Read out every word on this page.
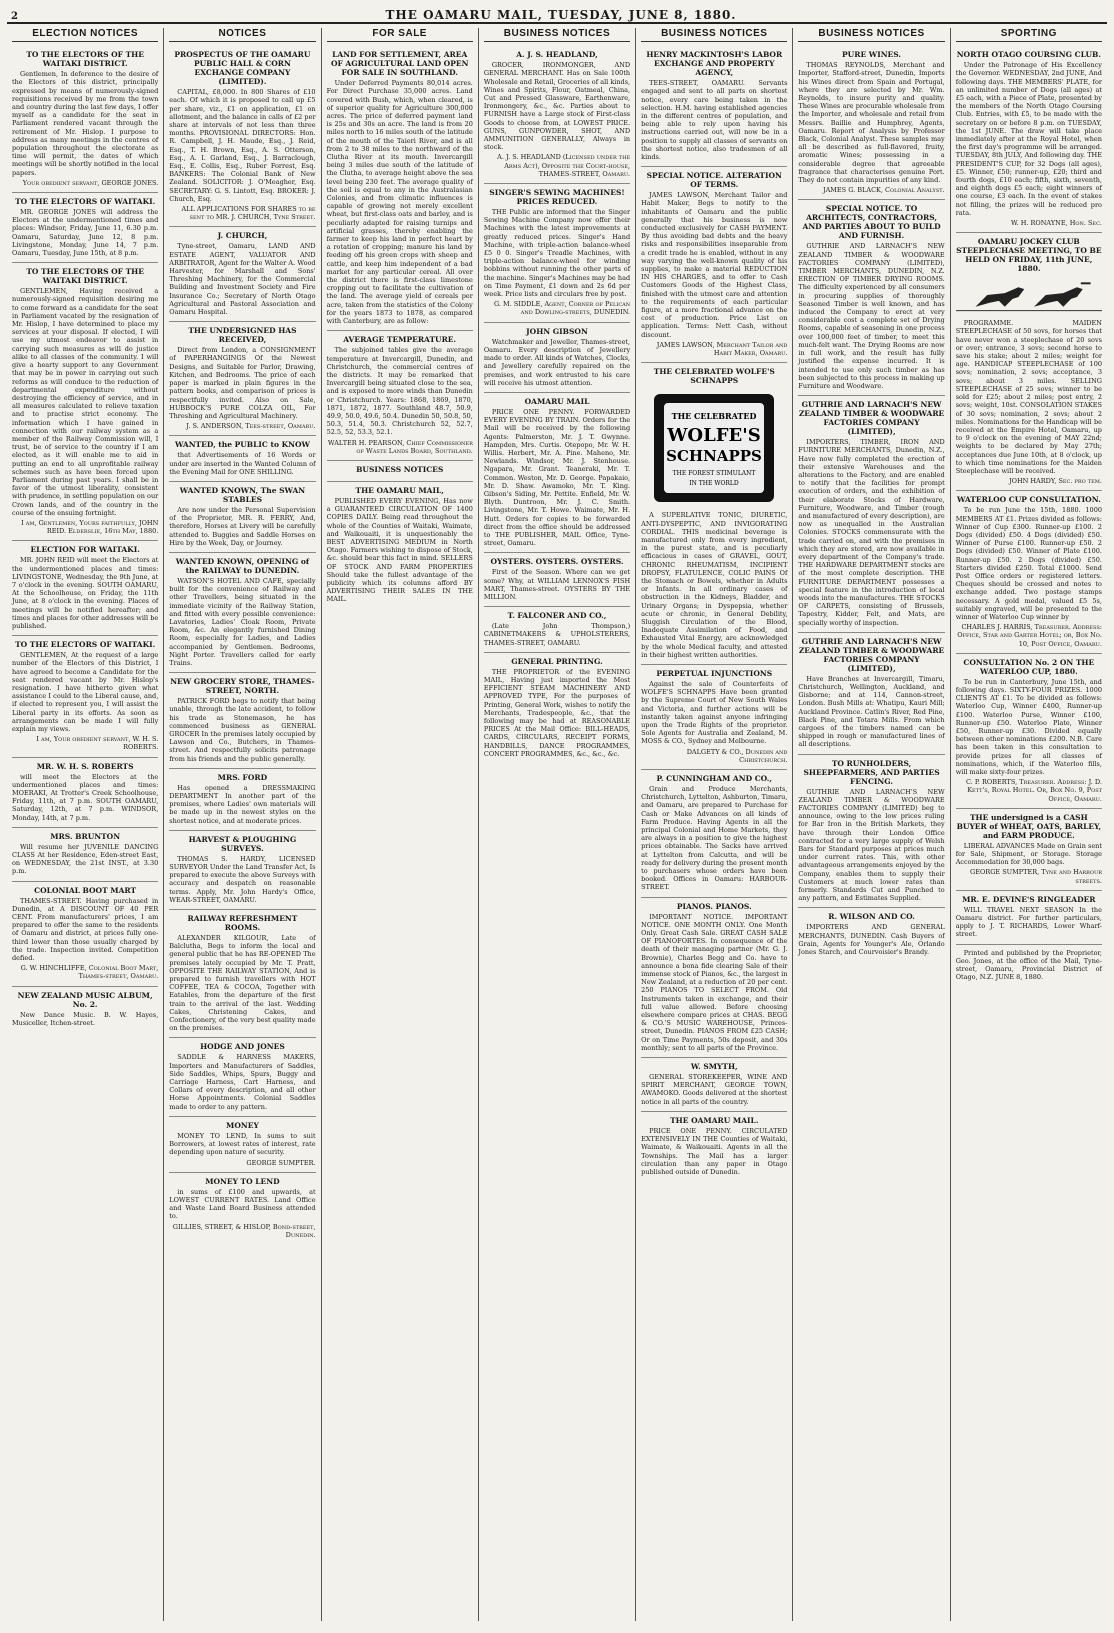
2	THE OAMARU MAIL, TUESDAY, JUNE 8, 1880.
ELECTION NOTICES
TO THE ELECTORS OF THE WAITAKI DISTRICT.
Gentlemen, In deference to the desire of the Electors of this district, principally expressed by means of numerously-signed requisitions received by me from the town and country during the last few days, I offer myself as a candidate for the seat in Parliament rendered vacant through the retirement of Mr. Hislop. I purpose to address as many meetings in the centres of population throughout the electorate as time will permit, the dates of which meetings will be shortly notified in the local papers.
Your obedient servant, GEORGE JONES.
TO THE ELECTORS OF WAITAKI.
MR. GEORGE JONES will address the Electors at the undermentioned times and places: Windsor, Friday, June 11, 6.30 p.m. Oamaru, Saturday, June 12, 8 p.m. Livingstone, Monday, June 14, 7 p.m. Oamaru, Tuesday, June 15th, at 8 p.m.
TO THE ELECTORS OF THE WAITAKI DISTRICT.
GENTLEMEN, Having received a numerously-signed requisition desiring me to come forward as a candidate for the seat in Parliament vacated by the resignation of Mr. Hislop, I have determined to place my services at your disposal. If elected, I will use my utmost endeavor to assist in carrying such measures as will do justice alike to all classes of the community. I will give a hearty support to any Government that may be in power in carrying out such reforms as will conduce to the reduction of departmental expenditure without destroying the efficiency of service, and in all measures calculated to relieve taxation and to practise strict economy. The information which I have gained in connection with our railway system as a member of the Railway Commission will, I trust, be of service to the country if I am elected, as it will enable me to aid in putting an end to all unprofitable railway schemes such as have been forced upon Parliament during past years. I shall be in favor of the utmost liberality, consistent with prudence, in settling population on our Crown lands, and of the country in the course of the ensuing fortnight.
I am, Gentlemen, Yours faithfully, JOHN REID. Elderslie, 16th May, 1880.
ELECTION FOR WAITAKI.
MR. JOHN REID will meet the Electors at the undermentioned places and times: LIVINGSTONE, Wednesday, the 9th June, at 7 o'clock in the evening. SOUTH OAMARU, At the Schoolhouse, on Friday, the 11th June, at 8 o'clock in the evening. Places of meetings will be notified hereafter; and times and places for other addresses will be published.
TO THE ELECTORS OF WAITAKI.
GENTLEMEN, At the request of a large number of the Electors of this District, I have agreed to become a Candidate for the seat rendered vacant by Mr. Hislop's resignation. I have hitherto given what assistance I could to the Liberal cause, and, if elected to represent you, I will assist the Liberal party in its efforts. As soon as arrangements can be made I will fully explain my views.
I am, Your obedient servant, W. H. S. ROBERTS.
MR. W. H. S. ROBERTS
will meet the Electors at the undermentioned places and times: MOERAKI, At Trotter's Creek Schoolhouse, Friday, 11th, at 7 p.m. SOUTH OAMARU, Saturday, 12th, at 7 p.m. WINDSOR, Monday, 14th, at 7 p.m.
MRS. BRUNTON
Will resume her JUVENILE DANCING CLASS At her Residence, Eden-street East, on WEDNESDAY, the 21st INST., at 3.30 p.m.
COLONIAL BOOT MART
THAMES-STREET. Having purchased in Dunedin, at A DISCOUNT OF 40 PER CENT. From manufacturers' prices, I am prepared to offer the same to the residents of Oamaru and district, at prices fully one-third lower than those usually charged by the trade. Inspection invited. Competition defied.
G. W. HINCHLIFFE, Colonial Boot Mart, Thames-street, Oamaru.
NEW ZEALAND MUSIC ALBUM, No. 2.
New Dance Music. B. W. Hayes, Musiceller, Itchen-street.
NOTICES
PROSPECTUS OF THE OAMARU PUBLIC HALL & CORN EXCHANGE COMPANY (LIMITED).
CAPITAL, £8,000. In 800 Shares of £10 each. Of which it is proposed to call up £5 per share, viz., £1 on application, £1 on allotment, and the balance in calls of £2 per share at intervals of not less than three months. PROVISIONAL DIRECTORS: Hon. R. Campbell, J. H. Maude, Esq., J. Reid, Esq., T. H. Brown, Esq., A. S. Otterson, Esq., A. I. Garland, Esq., J. Barraclough, Esq., E. Collis, Esq., Ruber Forrest, Esq. BANKERS: The Colonial Bank of New Zealand. SOLICITOR: J. O'Meagher, Esq. SECRETARY: G. S. Lintott, Esq. BROKER: J. Church, Esq.
ALL APPLICATIONS FOR SHARES to be sent to MR. J. CHURCH, Tyne Street.
J. CHURCH,
Tyne-street, Oamaru, LAND AND ESTATE AGENT, VALUATOR AND ARBITRATOR, Agent for the Walter A. Wood Harvester, for Marshall and Sons' Threshing Machinery, for the Commercial Building and Investment Society and Fire Insurance Co.; Secretary of North Otago Agricultural and Pastoral Association and Oamaru Hospital.
THE UNDERSIGNED HAS RECEIVED,
Direct from London, a CONSIGNMENT of PAPERHANGINGS Of the Newest Designs, and Suitable for Parlor, Drawing, Kitchen, and Bedrooms. The price of each paper is marked in plain figures in the pattern books, and comparison of prices is respectfully invited. Also on Sale, HUBBOCK'S PURE COLZA OIL, For Threshing and Agricultural Machinery.
J. S. ANDERSON, Tees-street, Oamaru.
WANTED, the PUBLIC to KNOW
that Advertisements of 16 Words or under are inserted in the Wanted Column of the Evening Mail for ONE SHILLING.
WANTED KNOWN, The SWAN STABLES
Are now under the Personal Supervision of the Proprietor, MR. R. FERRY, And, therefore, Horses at Livery will be carefully attended to. Buggies and Saddle Horses on Hire by the Week, Day, or Journey.
WANTED KNOWN, OPENING of the RAILWAY to DUNEDIN.
WATSON'S HOTEL AND CAFE, specially built for the convenience of Railway and other Travellers, being situated in the immediate vicinity of the Railway Station, and fitted with every possible convenience: Lavatories, Ladies' Cloak Room, Private Room, &c. An elegantly furnished Dining Room, especially for Ladies, and Ladies accompanied by Gentlemen. Bedrooms, Night Porter. Travellers called for early Trains.
NEW GROCERY STORE, THAMES-STREET, NORTH.
PATRICK FORD begs to notify that being unable, through the late accident, to follow his trade as Stonemason, he has commenced business as GENERAL GROCER In the premises lately occupied by Lawson and Co., Butchers, in Thames-street. And respectfully solicits patronage from his friends and the public generally.
MRS. FORD
Has opened a DRESSMAKING DEPARTMENT In another part of the premises, where Ladies' own materials will be made up in the newest styles on the shortest notice, and at moderate prices.
HARVEST & PLOUGHING SURVEYS.
THOMAS S. HARDY, LICENSED SURVEYOR Under the Land Transfer Act, Is prepared to execute the above Surveys with accuracy and despatch on reasonable terms. Apply, Mr. John Hardy's Office, WEAR-STREET, OAMARU.
RAILWAY REFRESHMENT ROOMS.
ALEXANDER KILGOUR, Late of Balclutha, Begs to inform the local and general public that he has RE-OPENED The premises lately occupied by Mr. T. Pratt, OPPOSITE THE RAILWAY STATION, And is prepared to furnish travellers with HOT COFFEE, TEA & COCOA, Together with Eatables, from the departure of the first train to the arrival of the last. Wedding Cakes, Christening Cakes, and Confectionery, of the very best quality made on the premises.
HODGE AND JONES
SADDLE & HARNESS MAKERS, Importers and Manufacturers of Saddles, Side Saddles, Whips, Spurs, Buggy and Carriage Harness, Cart Harness, and Collars of every description, and all other Horse Appointments. Colonial Saddles made to order to any pattern.
MONEY
MONEY TO LEND, In sums to suit Borrowers, at lowest rates of interest, rate depending upon nature of security.
GEORGE SUMPTER.
MONEY TO LEND
in sums of £100 and upwards, at LOWEST CURRENT RATES. Land Office and Waste Land Board Business attended to.
GILLIES, STREET, & HISLOP, Bond-street, Dunedin.
FOR SALE
LAND FOR SETTLEMENT, AREA OF AGRICULTURAL LAND OPEN FOR SALE IN SOUTHLAND.
Under Deferred Payments 80,014 acres. For Direct Purchase 35,000 acres. Land covered with Bush, which, when cleared, is of superior quality for Agriculture 300,000 acres. The price of deferred payment land is 25s and 30s an acre. The land is from 20 miles north to 16 miles south of the latitude of the mouth of the Taieri River, and is all from 2 to 38 miles to the northward of the Clutha River at its mouth. Invercargill being 3 miles due south of the latitude of the Clutha, to average height above the sea level being 230 feet. The average quality of the soil is equal to any in the Australasian Colonies, and from climatic influences is capable of growing not merely excellent wheat, but first-class oats and barley, and is peculiarly adapted for raising turnips and artificial grasses, thereby enabling the farmer to keep his land in perfect heart by a rotation of cropping; manure his land by feeding off his green crops with sheep and cattle, and keep him independent of a bad market for any particular cereal. All over the district there is first-class limestone cropping out to facilitate the cultivation of the land. The average yield of cereals per acre, taken from the statistics of the Colony for the years 1873 to 1878, as compared with Canterbury, are as follow:
AVERAGE TEMPERATURE.
The subjoined tables give the average temperature at Invercargill, Dunedin, and Christchurch, the commercial centres of the districts. It may be remarked that Invercargill being situated close to the sea, and is exposed to more winds than Dunedin or Christchurch. Years: 1868, 1869, 1870, 1871, 1872, 1877. Southland 48.7, 50.9, 49.9, 50.0, 49.6, 50.4. Dunedin 50, 50.8, 50, 50.3, 51.4, 50.3. Christchurch 52, 52.7, 52.5, 52, 53.3, 52.1.
WALTER H. PEARSON, Chief Commissioner of Waste Lands Board, Southland.
BUSINESS NOTICES
THE OAMARU MAIL,
PUBLISHED EVERY EVENING, Has now a GUARANTEED CIRCULATION OF 1400 COPIES DAILY. Being read throughout the whole of the Counties of Waitaki, Waimate, and Waikouaiti, it is unquestionably the BEST ADVERTISING MEDIUM in North Otago. Farmers wishing to dispose of Stock, &c. should bear this fact in mind. SELLERS OF STOCK AND FARM PROPERTIES Should take the fullest advantage of the publicity which its columns afford BY ADVERTISING THEIR SALES IN THE MAIL.
BUSINESS NOTICES
A. J. S. HEADLAND,
GROCER, IRONMONGER, AND GENERAL MERCHANT. Has on Sale 100th Wholesale and Retail, Groceries of all kinds, Wines and Spirits, Flour, Oatmeal, China, Cut and Pressed Glassware, Earthenware, Ironmongery, &c., &c. Parties about to FURNISH have a Large stock of First-class Goods to choose from, at LOWEST PRICE. GUNS, GUNPOWDER, SHOT, AND AMMUNITION GENERALLY, Always in stock.
A. J. S. HEADLAND (Licensed under the Arms Act), Opposite the Court-house, THAMES-STREET, Oamaru.
SINGER'S SEWING MACHINES! PRICES REDUCED.
THE Public are informed that the Singer Sewing Machine Company now offer their Machines with the latest improvements at greatly reduced prices. Singer's Hand Machine, with triple-action balance-wheel £5 0 0. Singer's Treadle Machines, with triple-action balance-wheel for winding bobbins without running the other parts of the machine. Singer's Machines may be had on Time Payment, £1 down and 2s 6d per week. Price lists and circulars free by post.
G. M. SIDDLE, Agent, Corner of Pelican and Dowling-streets, DUNEDIN.
JOHN GIBSON
Watchmaker and Jeweller, Thames-street, Oamaru. Every description of Jewellery made to order. All kinds of Watches, Clocks, and Jewellery carefully repaired on the premises, and work entrusted to his care will receive his utmost attention.
OAMARU MAIL
PRICE ONE PENNY. FORWARDED EVERY EVENING BY TRAIN. Orders for the Mail will be received by the following Agents: Palmerston, Mr. J. T. Gwynne. Hampden, Mrs. Curtis. Otepopo, Mr. W. H. Willis. Herbert, Mr. A. Pine. Maheno, Mr. Newlands. Windsor, Mr. J. Stenhouse. Ngapara, Mr. Grant. Teaneraki, Mr. T. Common. Weston, Mr. D. George. Papakaio, Mr. D. Shaw. Awamoko, Mr. T. King. Gibson's Siding, Mr. Pettite. Enfield, Mr. W. Blyth. Duntroon, Mr. J. C. Smith. Livingstone, Mr. T. Howe. Waimate, Mr. H. Hutt. Orders for copies to be forwarded direct from the office should be addressed to THE PUBLISHER, MAIL Office, Tyne-street, Oamaru.
OYSTERS. OYSTERS. OYSTERS.
First of the Season. Where can we get some? Why, at WILLIAM LENNOX'S FISH MART, Thames-street. OYSTERS BY THE MILLION.
T. FALCONER AND CO.,
(Late John Thompson,) CABINETMAKERS & UPHOLSTERERS, THAMES-STREET, OAMARU.
GENERAL PRINTING.
THE PROPRIETOR of the EVENING MAIL, Having just imported the Most EFFICIENT STEAM MACHINERY AND APPROVED TYPE, For the purposes of Printing, General Work, wishes to notify the Merchants, Tradespeople, &c., that the following may be had at REASONABLE PRICES At the Mail Office: BILL-HEADS, CARDS, CIRCULARS, RECEIPT FORMS, HANDBILLS, DANCE PROGRAMMES, CONCERT PROGRAMMES, &c., &c., &c.
BUSINESS NOTICES
HENRY MACKINTOSH'S LABOR EXCHANGE AND PROPERTY AGENCY,
TEES-STREET, OAMARU. Servants engaged and sent to all parts on shortest notice, every care being taken in the selection. H.M. having established agencies in the different centres of population, and being able to rely upon having his instructions carried out, will now be in a position to supply all classes of servants on the shortest notice, also tradesmen of all kinds.
SPECIAL NOTICE. ALTERATION OF TERMS.
JAMES LAWSON, Merchant Tailor and Habit Maker, Begs to notify to the inhabitants of Oamaru and the public generally that his business is now conducted exclusively for CASH PAYMENT. By thus avoiding bad debts and the heavy risks and responsibilities inseparable from a credit trade he is enabled, without in any way varying the well-known quality of his supplies, to make a material REDUCTION IN HIS CHARGES, and to offer to Cash Customers Goods of the Highest Class, finished with the utmost care and attention to the requirements of each particular figure, at a more fractional advance on the cost of production. Price List on application. Terms: Nett Cash, without discount.
JAMES LAWSON, Merchant Tailor and Habit Maker, Oamaru.
THE CELEBRATED WOLFE'S SCHNAPPS
THE CELEBRATED
WOLFE'S
SCHNAPPS
THE FOREST STIMULANT
IN THE WORLD
A SUPERLATIVE TONIC, DIURETIC, ANTI-DYSPEPTIC, AND INVIGORATING CORDIAL. THIS medicinal beverage is manufactured only from every ingredient, in the purest state, and is peculiarly efficacious in cases of GRAVEL, GOUT, CHRONIC RHEUMATISM, INCIPIENT DROPSY, FLATULENCE, COLIC PAINS Of the Stomach or Bowels, whether in Adults or Infants. In all ordinary cases of obstruction in the Kidneys, Bladder, and Urinary Organs; in Dyspepsia, whether acute or chronic, in General Debility, Sluggish Circulation of the Blood, Inadequate Assimilation of Food, and Exhausted Vital Energy, are acknowledged by the whole Medical faculty, and attested in their highest written authorities.
PERPETUAL INJUNCTIONS
Against the sale of Counterfeits of WOLFE'S SCHNAPPS Have been granted by the Supreme Court of New South Wales and Victoria, and further actions will be instantly taken against anyone infringing upon the Trade Rights of the proprietor. Sole Agents for Australia and Zealand, M. MOSS & CO., Sydney and Melbourne.
DALGETY & CO., Dunedin and Christchurch.
P. CUNNINGHAM AND CO.,
Grain and Produce Merchants, Christchurch, Lyttelton, Ashburton, Timaru, and Oamaru, are prepared to Purchase for Cash or Make Advances on all kinds of Farm Produce. Having Agents in all the principal Colonial and Home Markets, they are always in a position to give the highest prices obtainable. The Sacks have arrived at Lyttelton from Calcutta, and will be ready for delivery during the present month to purchasers whose orders have been booked. Offices in Oamaru: HARBOUR-STREET.
PIANOS. PIANOS.
IMPORTANT NOTICE. IMPORTANT NOTICE. ONE MONTH ONLY. One Month Only. Great Cash Sale. GREAT CASH SALE OF PIANOFORTES. In consequence of the death of their managing partner (Mr. G. J. Brownie), Charles Begg and Co. have to announce a bona fide clearing Sale of their immense stock of Pianos, &c., the largest in New Zealand, at a reduction of 20 per cent. 250 PIANOS TO SELECT FROM. Old Instruments taken in exchange, and their full value allowed. Before choosing elsewhere compare prices at CHAS. BEGG & CO.'S MUSIC WAREHOUSE, Princes-street, Dunedin. PIANOS FROM £25 CASH; Or on Time Payments, 50s deposit, and 30s monthly; sent to all parts of the Province.
W. SMYTH,
GENERAL STOREKEEPER, WINE AND SPIRIT MERCHANT, GEORGE TOWN, AWAMOKO. Goods delivered at the shortest notice in all parts of the country.
THE OAMARU MAIL.
PRICE ONE PENNY. CIRCULATED EXTENSIVELY IN THE Counties of Waitaki, Waimate, & Waikouaiti. Agents in all the Townships. The Mail has a larger circulation than any paper in Otago published outside of Dunedin.
BUSINESS NOTICES
PURE WINES.
THOMAS REYNOLDS, Merchant and Importer, Stafford-street, Dunedin, Imports his Wines direct from Spain and Portugal, where they are selected by Mr. Wm. Reynolds, to insure purity and quality. These Wines are procurable wholesale from the Importer, and wholesale and retail from Messrs. Baillie and Humphrey, Agents, Oamaru. Report of Analysis by Professor Black, Colonial Analyst. These samples may all be described as full-flavored, fruity, aromatic Wines; possessing in a considerable degree that agreeable fragrance that characterises genuine Port. They do not contain impurities of any kind.
JAMES G. BLACK, Colonial Analyst.
SPECIAL NOTICE. TO ARCHITECTS, CONTRACTORS, AND PARTIES ABOUT TO BUILD AND FURNISH.
GUTHRIE AND LARNACH'S NEW ZEALAND TIMBER & WOODWARE FACTORIES COMPANY (LIMITED), TIMBER MERCHANTS, DUNEDIN, N.Z. ERECTION OF TIMBER DRYING ROOMS. The difficulty experienced by all consumers in procuring supplies of thoroughly Seasoned Timber is well known, and has induced the Company to erect at very considerable cost a complete set of Drying Rooms, capable of seasoning in one process over 100,000 feet of timber, to meet this much-felt want. The Drying Rooms are now in full work, and the result has fully justified the expense incurred. It is intended to use only such timber as has been subjected to this process in making up Furniture and Woodware.
GUTHRIE AND LARNACH'S NEW ZEALAND TIMBER & WOODWARE FACTORIES COMPANY (LIMITED),
IMPORTERS, TIMBER, IRON AND FURNITURE MERCHANTS, Dunedin, N.Z., Have now fully completed the erection of their extensive Warehouses and the alterations to the Factory, and are enabled to notify that the facilities for prompt execution of orders, and the exhibition of their elaborate Stocks of Hardware, Furniture, Woodware, and Timber (rough and manufactured of every description), are now as unequalled in the Australian Colonies. STOCKS commensurate with the trade carried on, and with the premises in which they are stored, are now available in every department of the Company's trade. THE HARDWARE DEPARTMENT stocks are of the most complete description. THE FURNITURE DEPARTMENT possesses a special feature in the introduction of local woods into the manufactures. THE STOCKS OF CARPETS, consisting of Brussels, Tapestry, Kidder, Felt, and Mats, are specially worthy of inspection.
GUTHRIE AND LARNACH'S NEW ZEALAND TIMBER & WOODWARE FACTORIES COMPANY (LIMITED),
Have Branches at Invercargill, Timaru, Christchurch, Wellington, Auckland, and Gisborne; and at 114, Cannon-street, London. Bush Mills at: Whatipu, Kauri Mill; Auckland Province. Catlin's River, Red Pine, Black Pine, and Totara Mills. From which cargoes of the timbers named can be shipped in rough or manufactured lines of all descriptions.
TO RUNHOLDERS, SHEEPFARMERS, AND PARTIES FENCING.
GUTHRIE AND LARNACH'S NEW ZEALAND TIMBER & WOODWARE FACTORIES COMPANY (LIMITED) beg to announce, owing to the low prices ruling for Bar Iron in the British Markets, they have through their London Office contracted for a very large supply of Welsh Bars for Standard purposes at prices much under current rates. This, with other advantageous arrangements enjoyed by the Company, enables them to supply their Customers at much lower rates than formerly. Standards Cut and Punched to any pattern, and Estimates Supplied.
R. WILSON AND CO.
IMPORTERS AND GENERAL MERCHANTS, DUNEDIN. Cash Buyers of Grain, Agents for Younger's Ale, Orlando Jones Starch, and Courvoisier's Brandy.
SPORTING
NORTH OTAGO COURSING CLUB.
Under the Patronage of His Excellency the Governor. WEDNESDAY, 2nd JUNE, And following days. THE MEMBERS' PLATE, for an unlimited number of Dogs (all ages) at £5 each, with a Piece of Plate, presented by the members of the North Otago Coursing Club. Entries, with £5, to be made with the secretary on or before 8 p.m. on TUESDAY, the 1st JUNE. The draw will take place immediately after at the Royal Hotel, when the first day's programme will be arranged. TUESDAY, 8th JULY, And following day. THE PRESIDENT'S CUP, for 32 Dogs (all ages), £5. Winner, £50; runner-up, £20; third and fourth dogs, £10 each; fifth, sixth, seventh, and eighth dogs £5 each; eight winners of one course, £3 each. In the event of stakes not filling, the prizes will be reduced pro rata.
W. H. RONAYNE, Hon. Sec.
OAMARU JOCKEY CLUB STEEPLECHASE MEETING, TO BE HELD ON FRIDAY, 11th JUNE, 1880.
PROGRAMME. MAIDEN STEEPLECHASE of 50 sovs, for horses that have never won a steeplechase of 20 sovs or over; entrance, 3 sovs; second horse to save his stake; about 2 miles; weight for age. HANDICAP STEEPLECHASE of 100 sovs; nomination, 2 sovs; acceptance, 3 sovs; about 3 miles. SELLING STEEPLECHASE of 25 sovs; winner to be sold for £25; about 2 miles; post entry, 2 sovs; weight, 10st. CONSOLATION STAKES of 30 sovs; nomination, 2 sovs; about 2 miles. Nominations for the Handicap will be received at the Empire Hotel, Oamaru, up to 9 o'clock on the evening of MAY 22nd; weights to be declared by May 27th; acceptances due June 10th, at 8 o'clock, up to which time nominations for the Maiden Steeplechase will be received.
JOHN HARDY, Sec. pro tem.
WATERLOO CUP CONSULTATION.
To be run June the 15th, 1880. 1000 MEMBERS AT £1. Prizes divided as follows: Winner of Cup £300. Runner-up £100. 2 Dogs (divided) £50. 4 Dogs (divided) £50. Winner of Purse £100. Runner-up £50. 2 Dogs (divided) £50. Winner of Plate £100. Runner-up £50. 2 Dogs (divided) £50. Starters divided £250. Total £1000. Send Post Office orders or registered letters. Cheques should be crossed and notes to exchange added. Two postage stamps necessary. A gold medal, valued £5 5s, suitably engraved, will be presented to the winner of Waterloo Cup winner by
CHARLES J. HARRIS, Treasurer. Address: Office, Star and Garter Hotel; or, Box No. 10, Post Office, Oamaru.
CONSULTATION No. 2 ON THE WATERLOO CUP, 1880.
To be run in Canterbury, June 15th, and following days. SIXTY-FOUR PRIZES. 1000 CLIENTS AT £1. To be divided as follows: Waterloo Cup, Winner £400, Runner-up £100. Waterloo Purse, Winner £100, Runner-up £50. Waterloo Plate, Winner £50, Runner-up £30. Divided equally between other nominations £200. N.B. Care has been taken in this consultation to provide prizes for all classes of nominations, which, if the Waterloo fills, will make sixty-four prizes.
C. P. ROBERTS, Treasurer. Address: J. D. Kett's, Royal Hotel. Or, Box No. 9, Post Office, Oamaru.
THE undersigned is a CASH BUYER of WHEAT, OATS, BARLEY, and FARM PRODUCE.
LIBERAL ADVANCES Made on Grain sent for Sale, Shipment, or Storage. Storage Accommodation for 30,000 bags.
GEORGE SUMPTER, Tyne and Harbour streets.
MR. E. DEVINE'S RINGLEADER
WILL TRAVEL NEXT SEASON In the Oamaru district. For further particulars, apply to J. T. RICHARDS, Lower Wharf-street.
Printed and published by the Proprietor, Geo. Jones, at the office of the Mail, Tyne-street, Oamaru, Provincial District of Otago, N.Z. JUNE 8, 1880.
